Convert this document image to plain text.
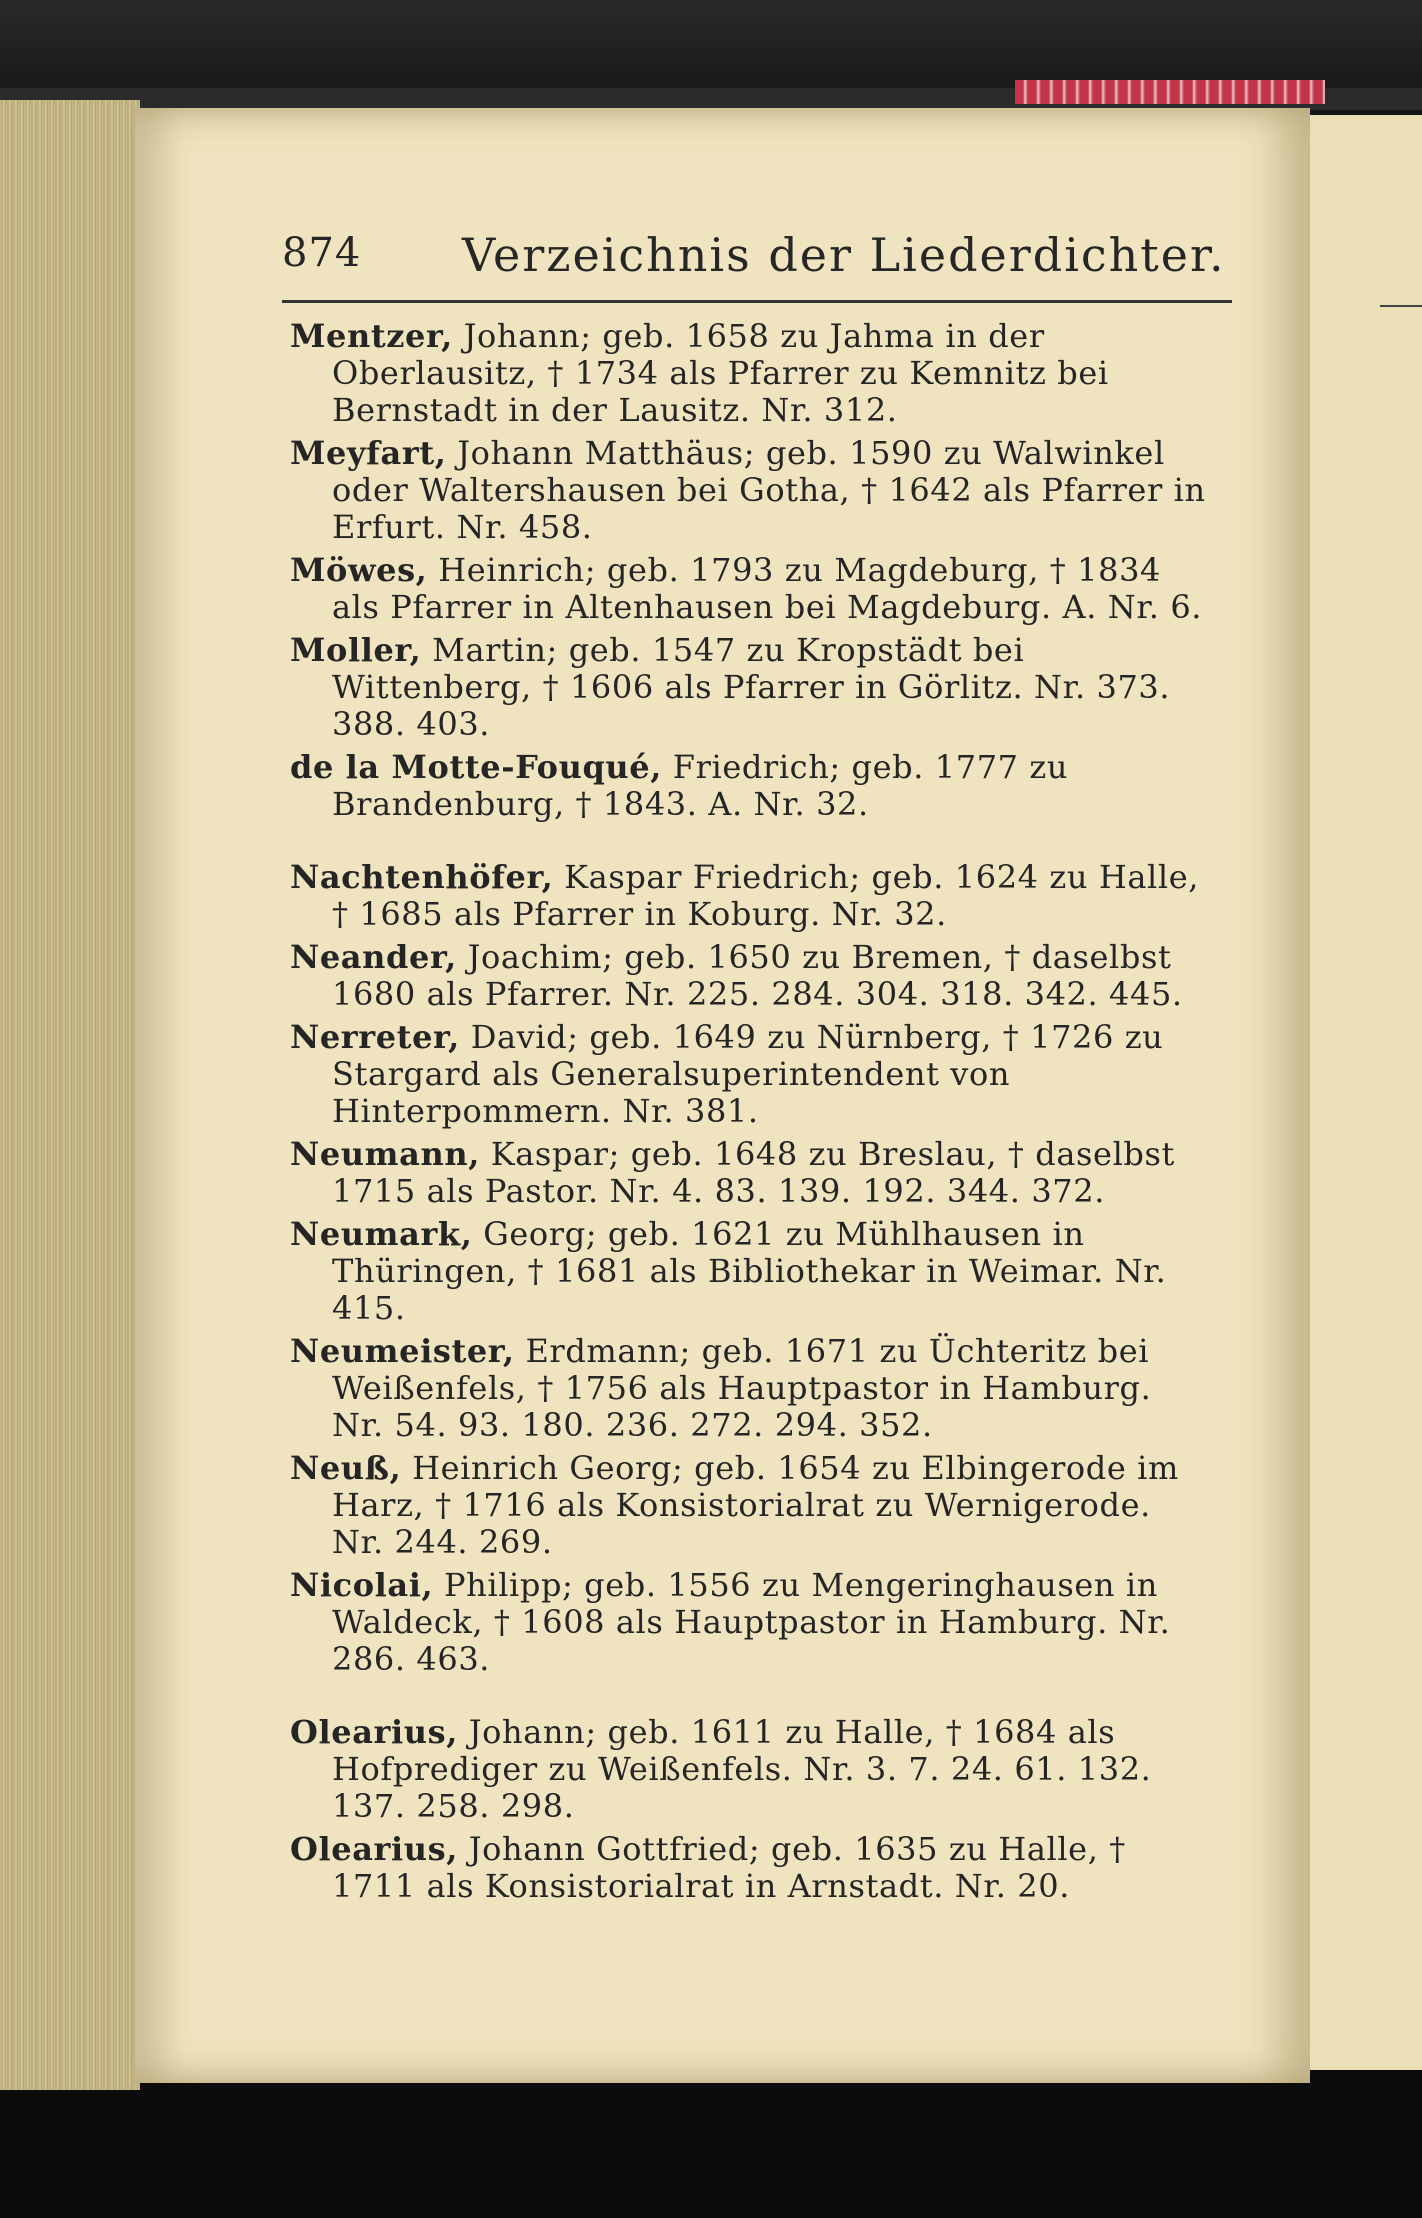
874 Verzeichnis der Liederdichter.

Mentzer, Johann; geb. 1658 zu Jahma in der Oberlausitz, † 1734 als Pfarrer zu Kemnitz bei Bernstadt in der Lausitz. Nr. 312.

Meyfart, Johann Matthäus; geb. 1590 zu Walwinkel oder Waltershausen bei Gotha, † 1642 als Pfarrer in Erfurt. Nr. 458.

Möwes, Heinrich; geb. 1793 zu Magdeburg, † 1834 als Pfarrer in Altenhausen bei Magdeburg. A. Nr. 6.

Moller, Martin; geb. 1547 zu Kropstädt bei Wittenberg, † 1606 als Pfarrer in Görlitz. Nr. 373. 388. 403.

de la Motte-Fouqué, Friedrich; geb. 1777 zu Brandenburg, † 1843. A. Nr. 32.

Nachtenhöfer, Kaspar Friedrich; geb. 1624 zu Halle, † 1685 als Pfarrer in Koburg. Nr. 32.

Neander, Joachim; geb. 1650 zu Bremen, † daselbst 1680 als Pfarrer. Nr. 225. 284. 304. 318. 342. 445.

Nerreter, David; geb. 1649 zu Nürnberg, † 1726 zu Stargard als Generalsuperintendent von Hinterpommern. Nr. 381.

Neumann, Kaspar; geb. 1648 zu Breslau, † daselbst 1715 als Pastor. Nr. 4. 83. 139. 192. 344. 372.

Neumark, Georg; geb. 1621 zu Mühlhausen in Thüringen, † 1681 als Bibliothekar in Weimar. Nr. 415.

Neumeister, Erdmann; geb. 1671 zu Üchteritz bei Weißenfels, † 1756 als Hauptpastor in Hamburg. Nr. 54. 93. 180. 236. 272. 294. 352.

Neuß, Heinrich Georg; geb. 1654 zu Elbingerode im Harz, † 1716 als Konsistorialrat zu Wernigerode. Nr. 244. 269.

Nicolai, Philipp; geb. 1556 zu Mengeringhausen in Waldeck, † 1608 als Hauptpastor in Hamburg. Nr. 286. 463.

Olearius, Johann; geb. 1611 zu Halle, † 1684 als Hofprediger zu Weißenfels. Nr. 3. 7. 24. 61. 132. 137. 258. 298.

Olearius, Johann Gottfried; geb. 1635 zu Halle, † 1711 als Konsistorialrat in Arnstadt. Nr. 20.
